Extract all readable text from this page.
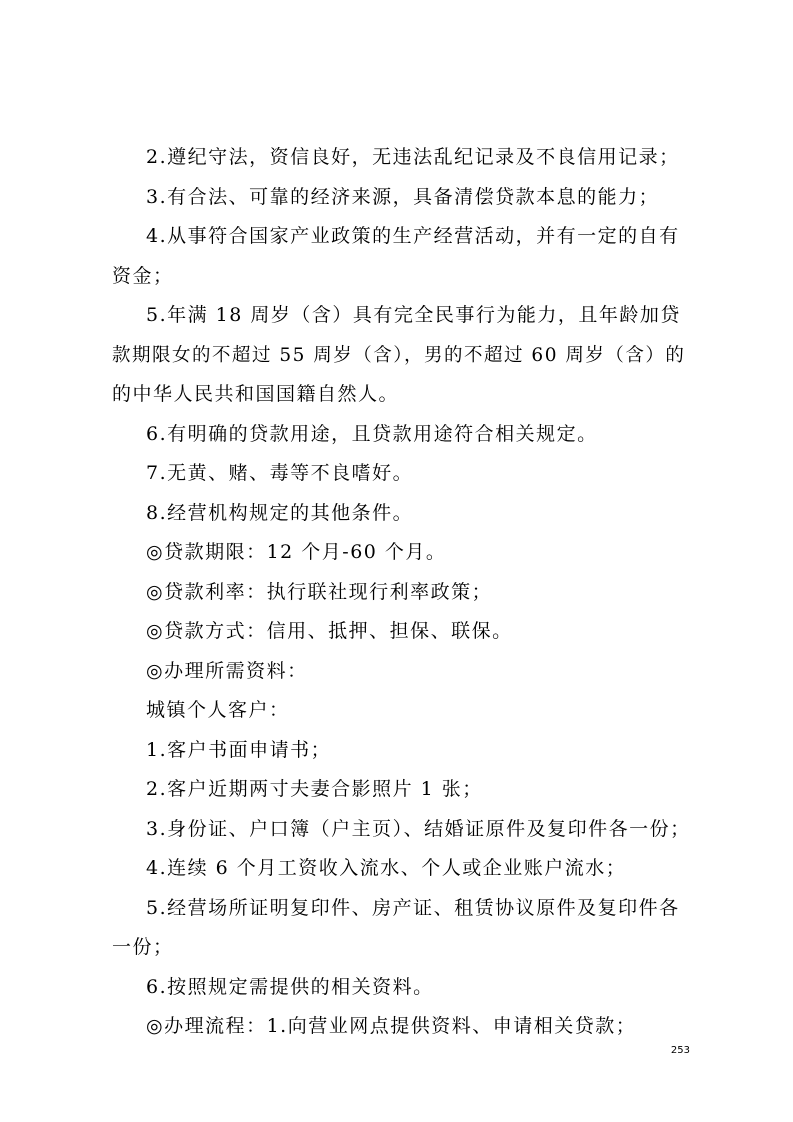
2.遵纪守法，资信良好，无违法乱纪记录及不良信用记录；

3.有合法、可靠的经济来源，具备清偿贷款本息的能力；

4.从事符合国家产业政策的生产经营活动，并有一定的自有

资金；

5.年满 18 周岁（含）具有完全民事行为能力，且年龄加贷

款期限女的不超过 55 周岁（含），男的不超过 60 周岁（含）的

的中华人民共和国国籍自然人。

6.有明确的贷款用途，且贷款用途符合相关规定。

7.无黄、赌、毒等不良嗜好。

8.经营机构规定的其他条件。

◎贷款期限：12 个月-60 个月。

◎贷款利率：执行联社现行利率政策；

◎贷款方式：信用、抵押、担保、联保。

◎办理所需资料：

城镇个人客户：

1.客户书面申请书；

2.客户近期两寸夫妻合影照片 1 张；

3.身份证、户口簿（户主页）、结婚证原件及复印件各一份；

4.连续 6 个月工资收入流水、个人或企业账户流水；

5.经营场所证明复印件、房产证、租赁协议原件及复印件各

一份；

6.按照规定需提供的相关资料。

◎办理流程：1.向营业网点提供资料、申请相关贷款；

253
